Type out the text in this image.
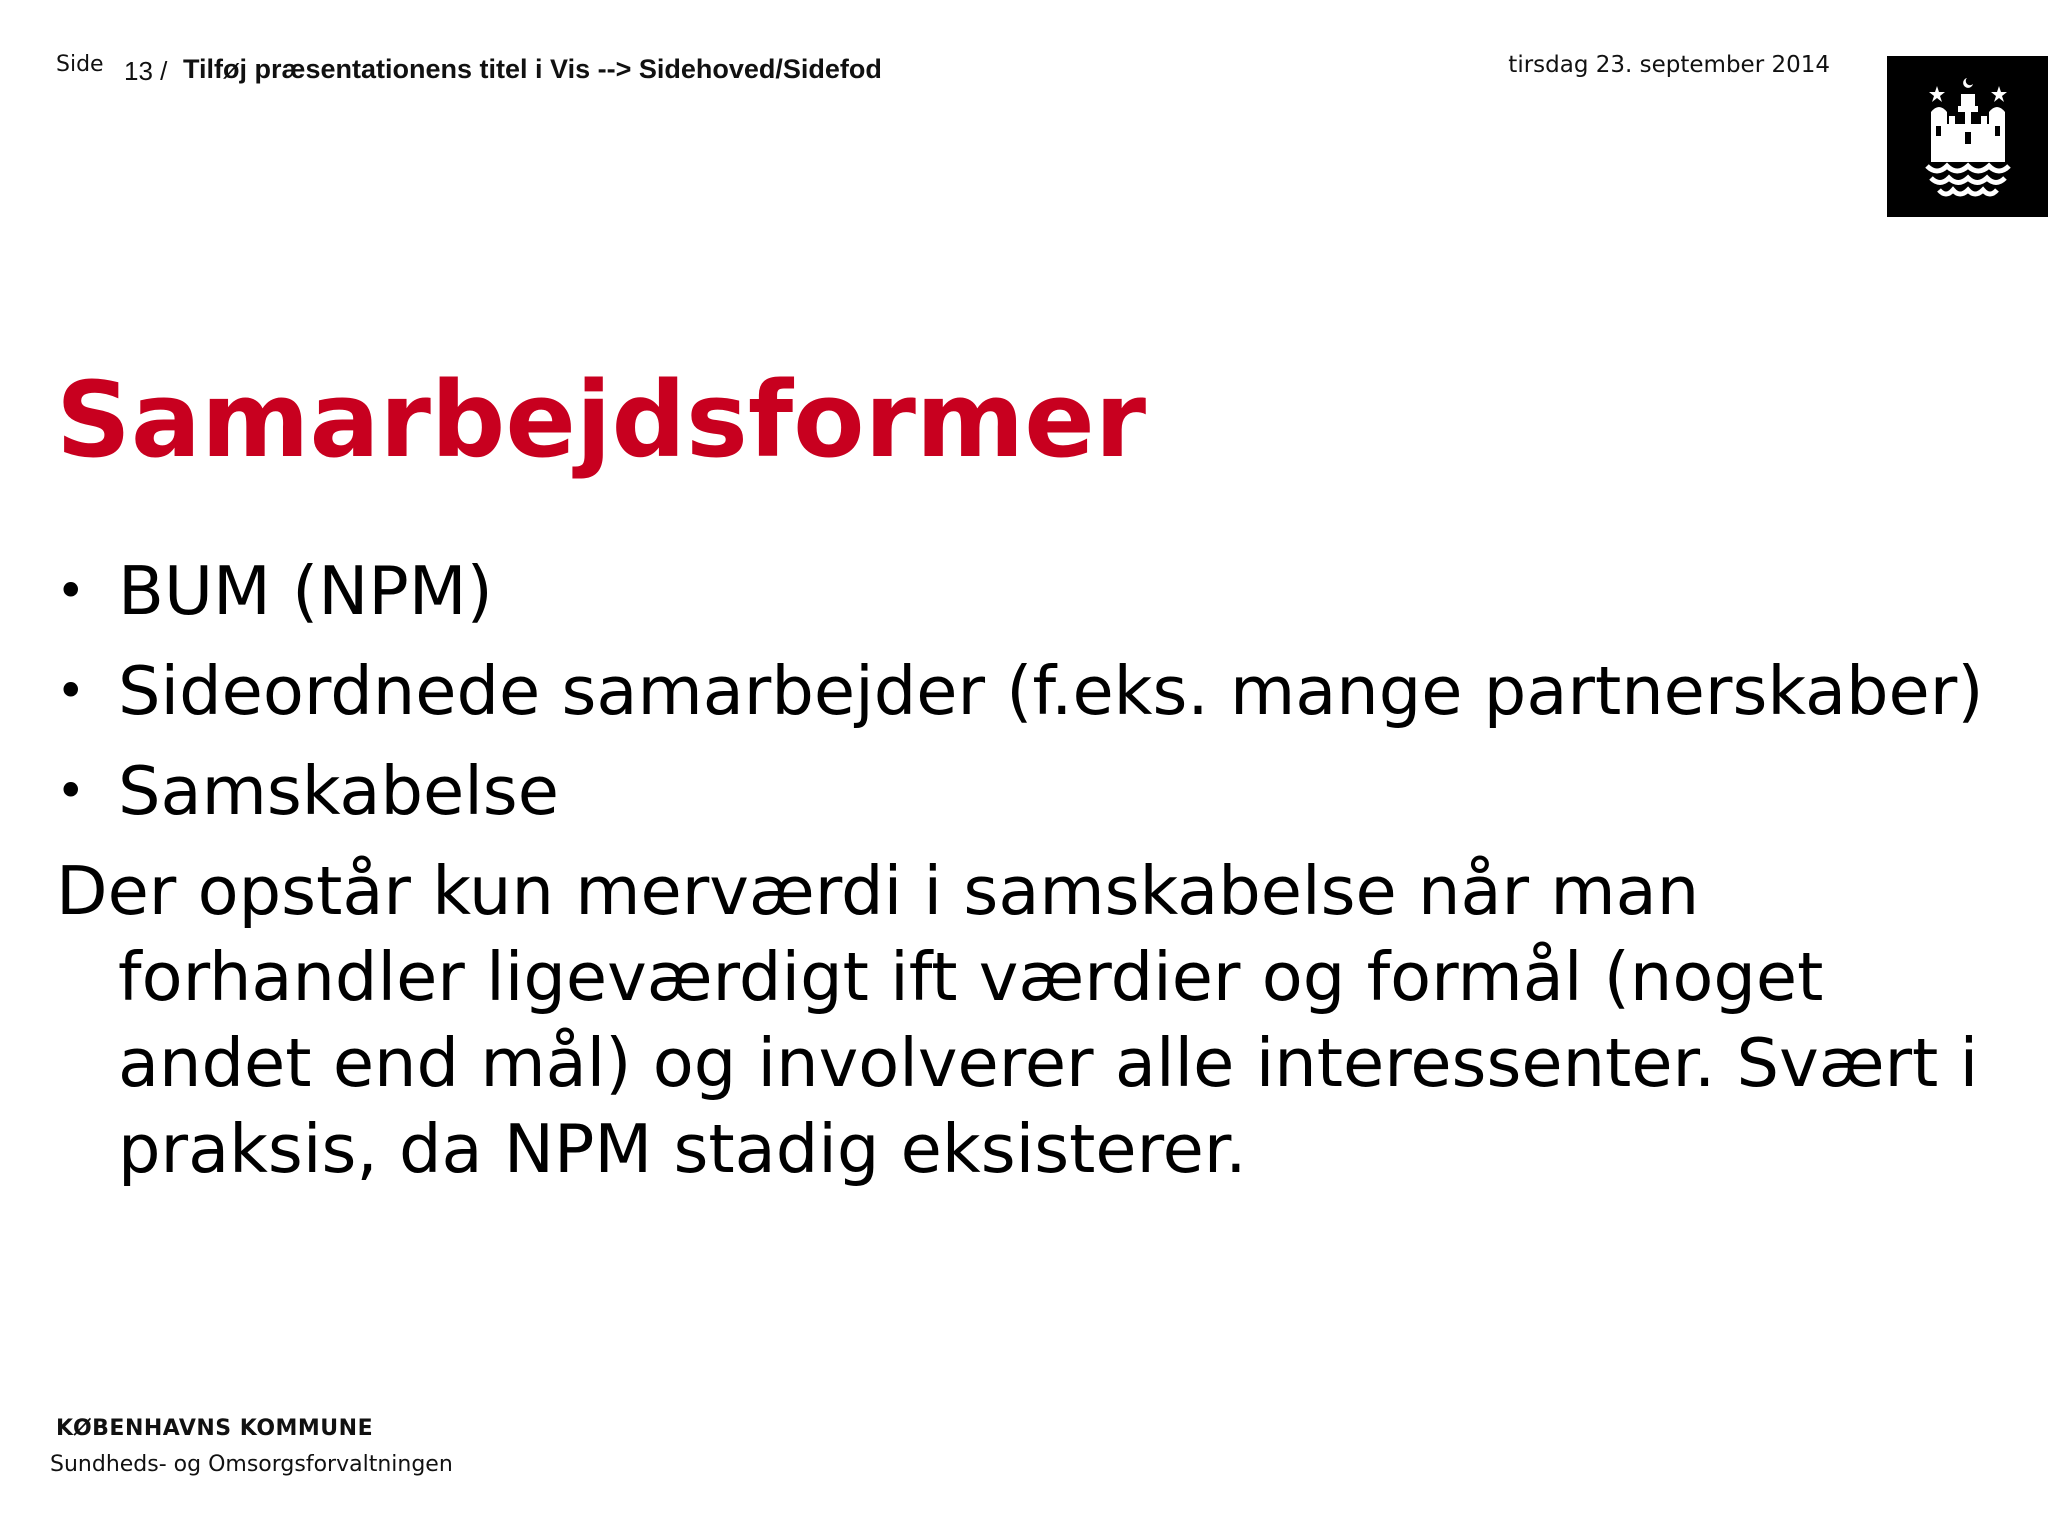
Side 13 / Tilføj præsentationens titel i Vis --> Sidehoved/Sidefod	tirsdag 23. september 2014
Samarbejdsformer
• BUM (NPM)
• Sideordnede samarbejder (f.eks. mange partnerskaber)
• Samskabelse

Der opstår kun merværdi i samskabelse når man forhandler ligeværdigt ift værdier og formål (noget andet end mål) og involverer alle interessenter. Svært i praksis, da NPM stadig eksisterer.

KØBENHAVNS KOMMUNE
Sundheds- og Omsorgsforvaltningen
